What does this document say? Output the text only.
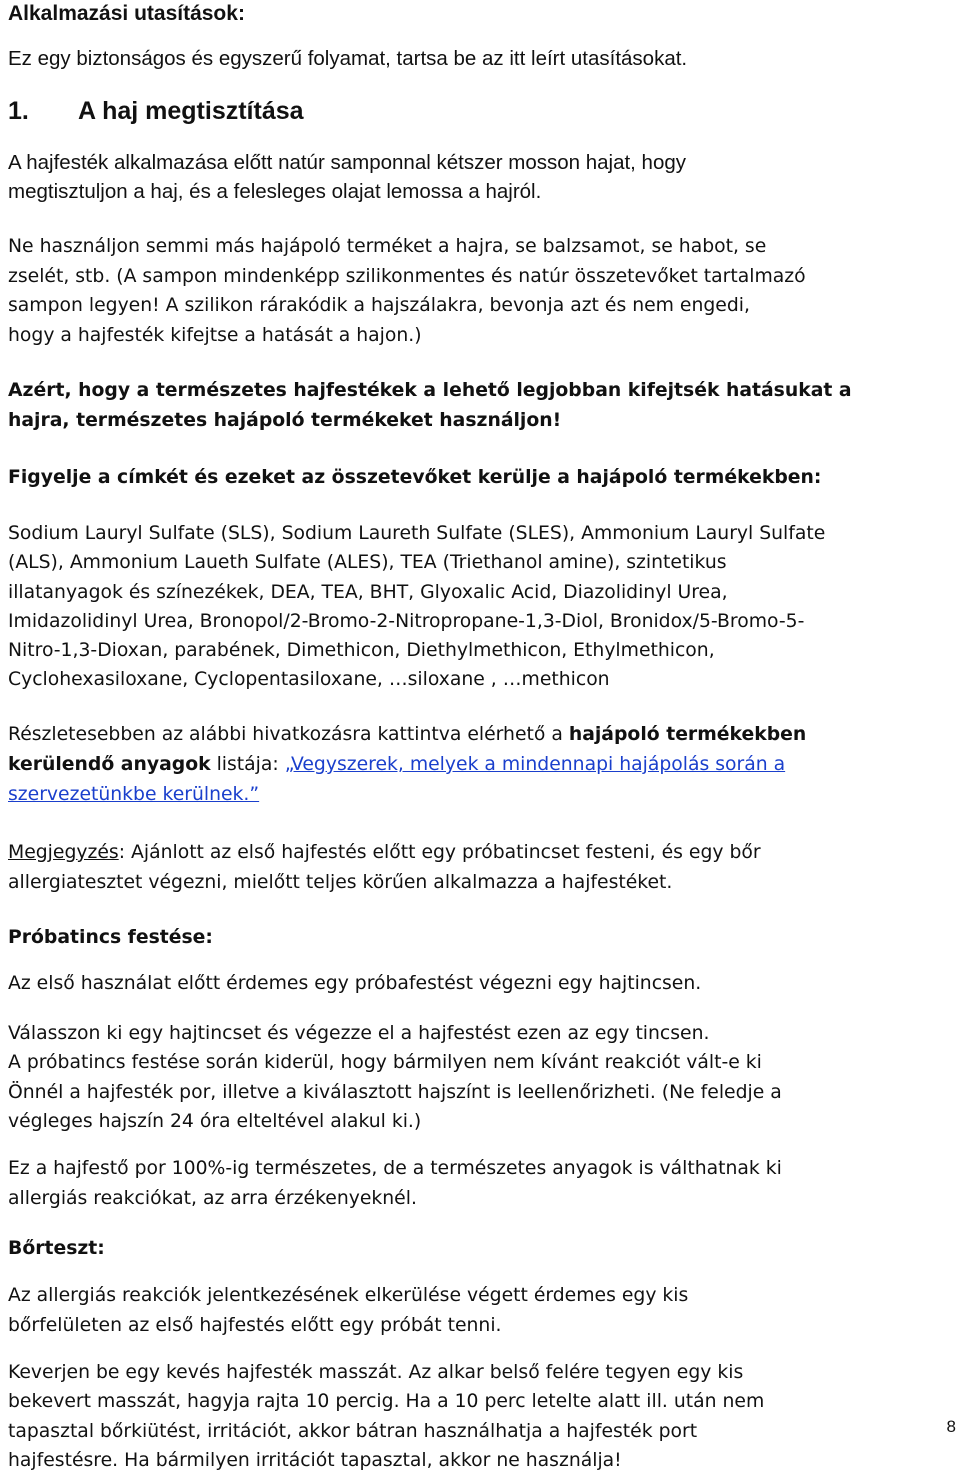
Alkalmazási utasítások:
Ez egy biztonságos és egyszerű folyamat, tartsa be az itt leírt utasításokat.
1. A haj megtisztítása
A hajfesték alkalmazása előtt natúr samponnal kétszer mosson hajat, hogy
megtisztuljon a haj, és a felesleges olajat lemossa a hajról.
Ne használjon semmi más hajápoló terméket a hajra, se balzsamot, se habot, se
zselét, stb. (A sampon mindenképp szilikonmentes és natúr összetevőket tartalmazó
sampon legyen! A szilikon rárakódik a hajszálakra, bevonja azt és nem engedi,
hogy a hajfesték kifejtse a hatását a hajon.)
Azért, hogy a természetes hajfestékek a lehető legjobban kifejtsék hatásukat a
hajra, természetes hajápoló termékeket használjon!
Figyelje a címkét és ezeket az összetevőket kerülje a hajápoló termékekben:
Sodium Lauryl Sulfate (SLS), Sodium Laureth Sulfate (SLES), Ammonium Lauryl Sulfate
(ALS), Ammonium Laueth Sulfate (ALES), TEA (Triethanol amine), szintetikus
illatanyagok és színezékek, DEA, TEA, BHT, Glyoxalic Acid, Diazolidinyl Urea,
Imidazolidinyl Urea, Bronopol/2-Bromo-2-Nitropropane-1,3-Diol, Bronidox/5-Bromo-5-
Nitro-1,3-Dioxan, parabének, Dimethicon, Diethylmethicon, Ethylmethicon,
Cyclohexasiloxane, Cyclopentasiloxane, …siloxane , …methicon
Részletesebben az alábbi hivatkozásra kattintva elérhető a hajápoló termékekben
kerülendő anyagok listája: „Vegyszerek, melyek a mindennapi hajápolás során a
szervezetünkbe kerülnek.”
Megjegyzés: Ajánlott az első hajfestés előtt egy próbatincset festeni, és egy bőr
allergiatesztet végezni, mielőtt teljes körűen alkalmazza a hajfestéket.
Próbatincs festése:
Az első használat előtt érdemes egy próbafestést végezni egy hajtincsen.
Válasszon ki egy hajtincset és végezze el a hajfestést ezen az egy tincsen.
A próbatincs festése során kiderül, hogy bármilyen nem kívánt reakciót vált-e ki
Önnél a hajfesték por, illetve a kiválasztott hajszínt is leellenőrizheti. (Ne feledje a
végleges hajszín 24 óra elteltével alakul ki.)
Ez a hajfestő por 100%-ig természetes, de a természetes anyagok is válthatnak ki
allergiás reakciókat, az arra érzékenyeknél.
Bőrteszt:
Az allergiás reakciók jelentkezésének elkerülése végett érdemes egy kis
bőrfelületen az első hajfestés előtt egy próbát tenni.
Keverjen be egy kevés hajfesték masszát. Az alkar belső felére tegyen egy kis
bekevert masszát, hagyja rajta 10 percig. Ha a 10 perc letelte alatt ill. után nem
tapasztal bőrkiütést, irritációt, akkor bátran használhatja a hajfesték port
hajfestésre. Ha bármilyen irritációt tapasztal, akkor ne használja!
8
